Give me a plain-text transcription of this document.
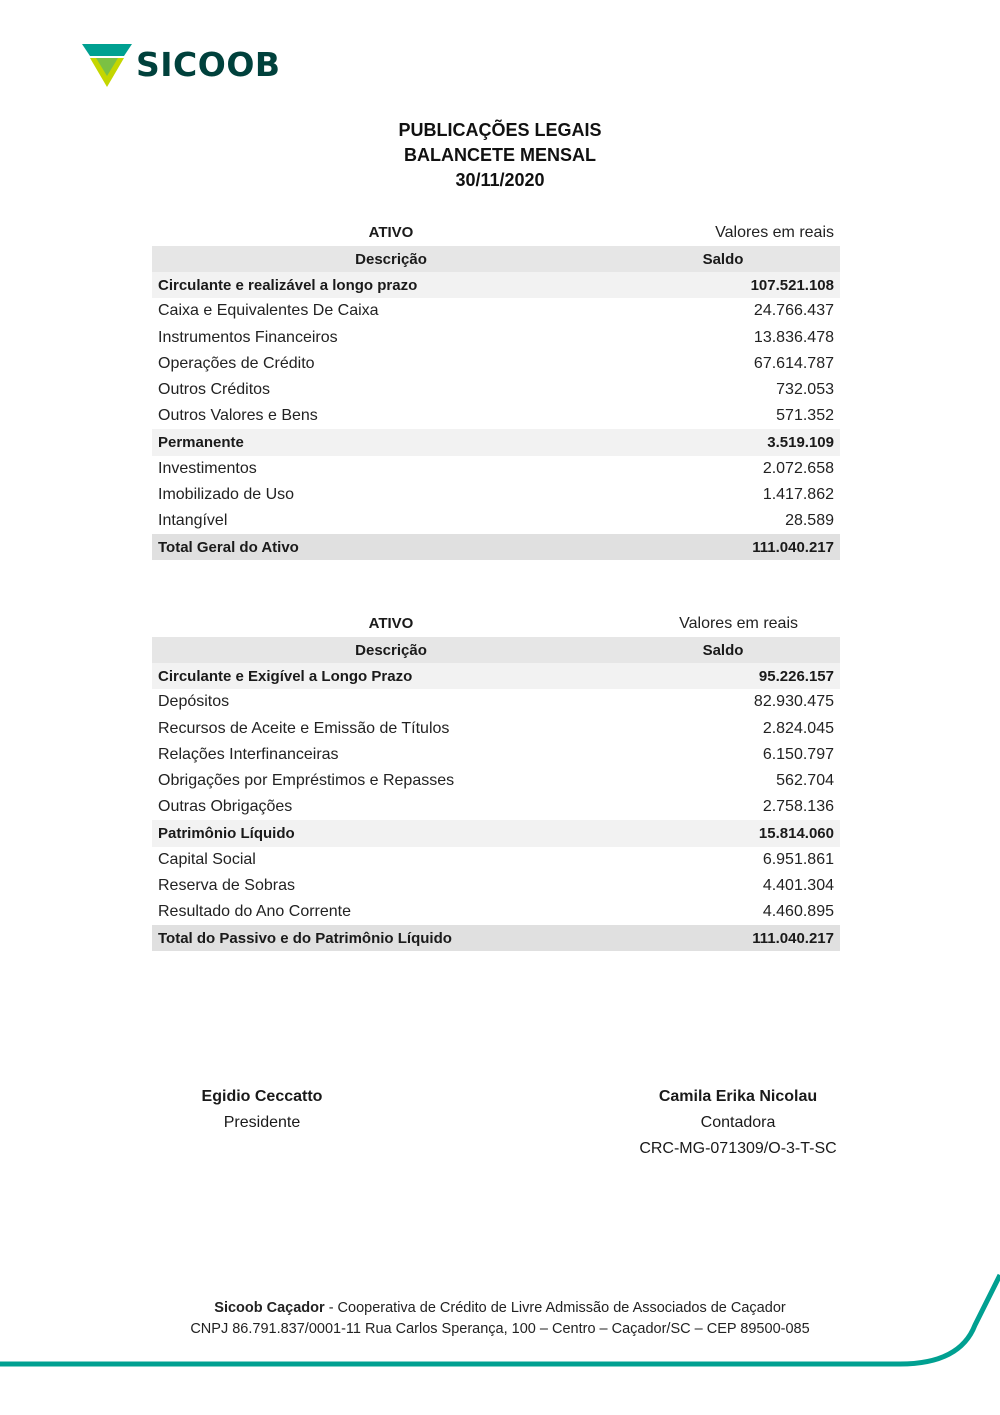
SICOOB
PUBLICAÇÕES LEGAIS
BALANCETE MENSAL
30/11/2020
ATIVO	Valores em reais
Descrição	Saldo
Circulante e realizável a longo prazo	107.521.108
Caixa e Equivalentes De Caixa	24.766.437
Instrumentos Financeiros	13.836.478
Operações de Crédito	67.614.787
Outros Créditos	732.053
Outros Valores e Bens	571.352
Permanente	3.519.109
Investimentos	2.072.658
Imobilizado de Uso	1.417.862
Intangível	28.589
Total Geral do Ativo	111.040.217
ATIVO	Valores em reais
Descrição	Saldo
Circulante e Exigível a Longo Prazo	95.226.157
Depósitos	82.930.475
Recursos de Aceite e Emissão de Títulos	2.824.045
Relações Interfinanceiras	6.150.797
Obrigações por Empréstimos e Repasses	562.704
Outras Obrigações	2.758.136
Patrimônio Líquido	15.814.060
Capital Social	6.951.861
Reserva de Sobras	4.401.304
Resultado do Ano Corrente	4.460.895
Total do Passivo e do Patrimônio Líquido	111.040.217
Egidio Ceccatto
Presidente
Camila Erika Nicolau
Contadora
CRC-MG-071309/O-3-T-SC
Sicoob Caçador - Cooperativa de Crédito de Livre Admissão de Associados de Caçador
CNPJ 86.791.837/0001-11 Rua Carlos Sperança, 100 – Centro – Caçador/SC – CEP 89500-085
